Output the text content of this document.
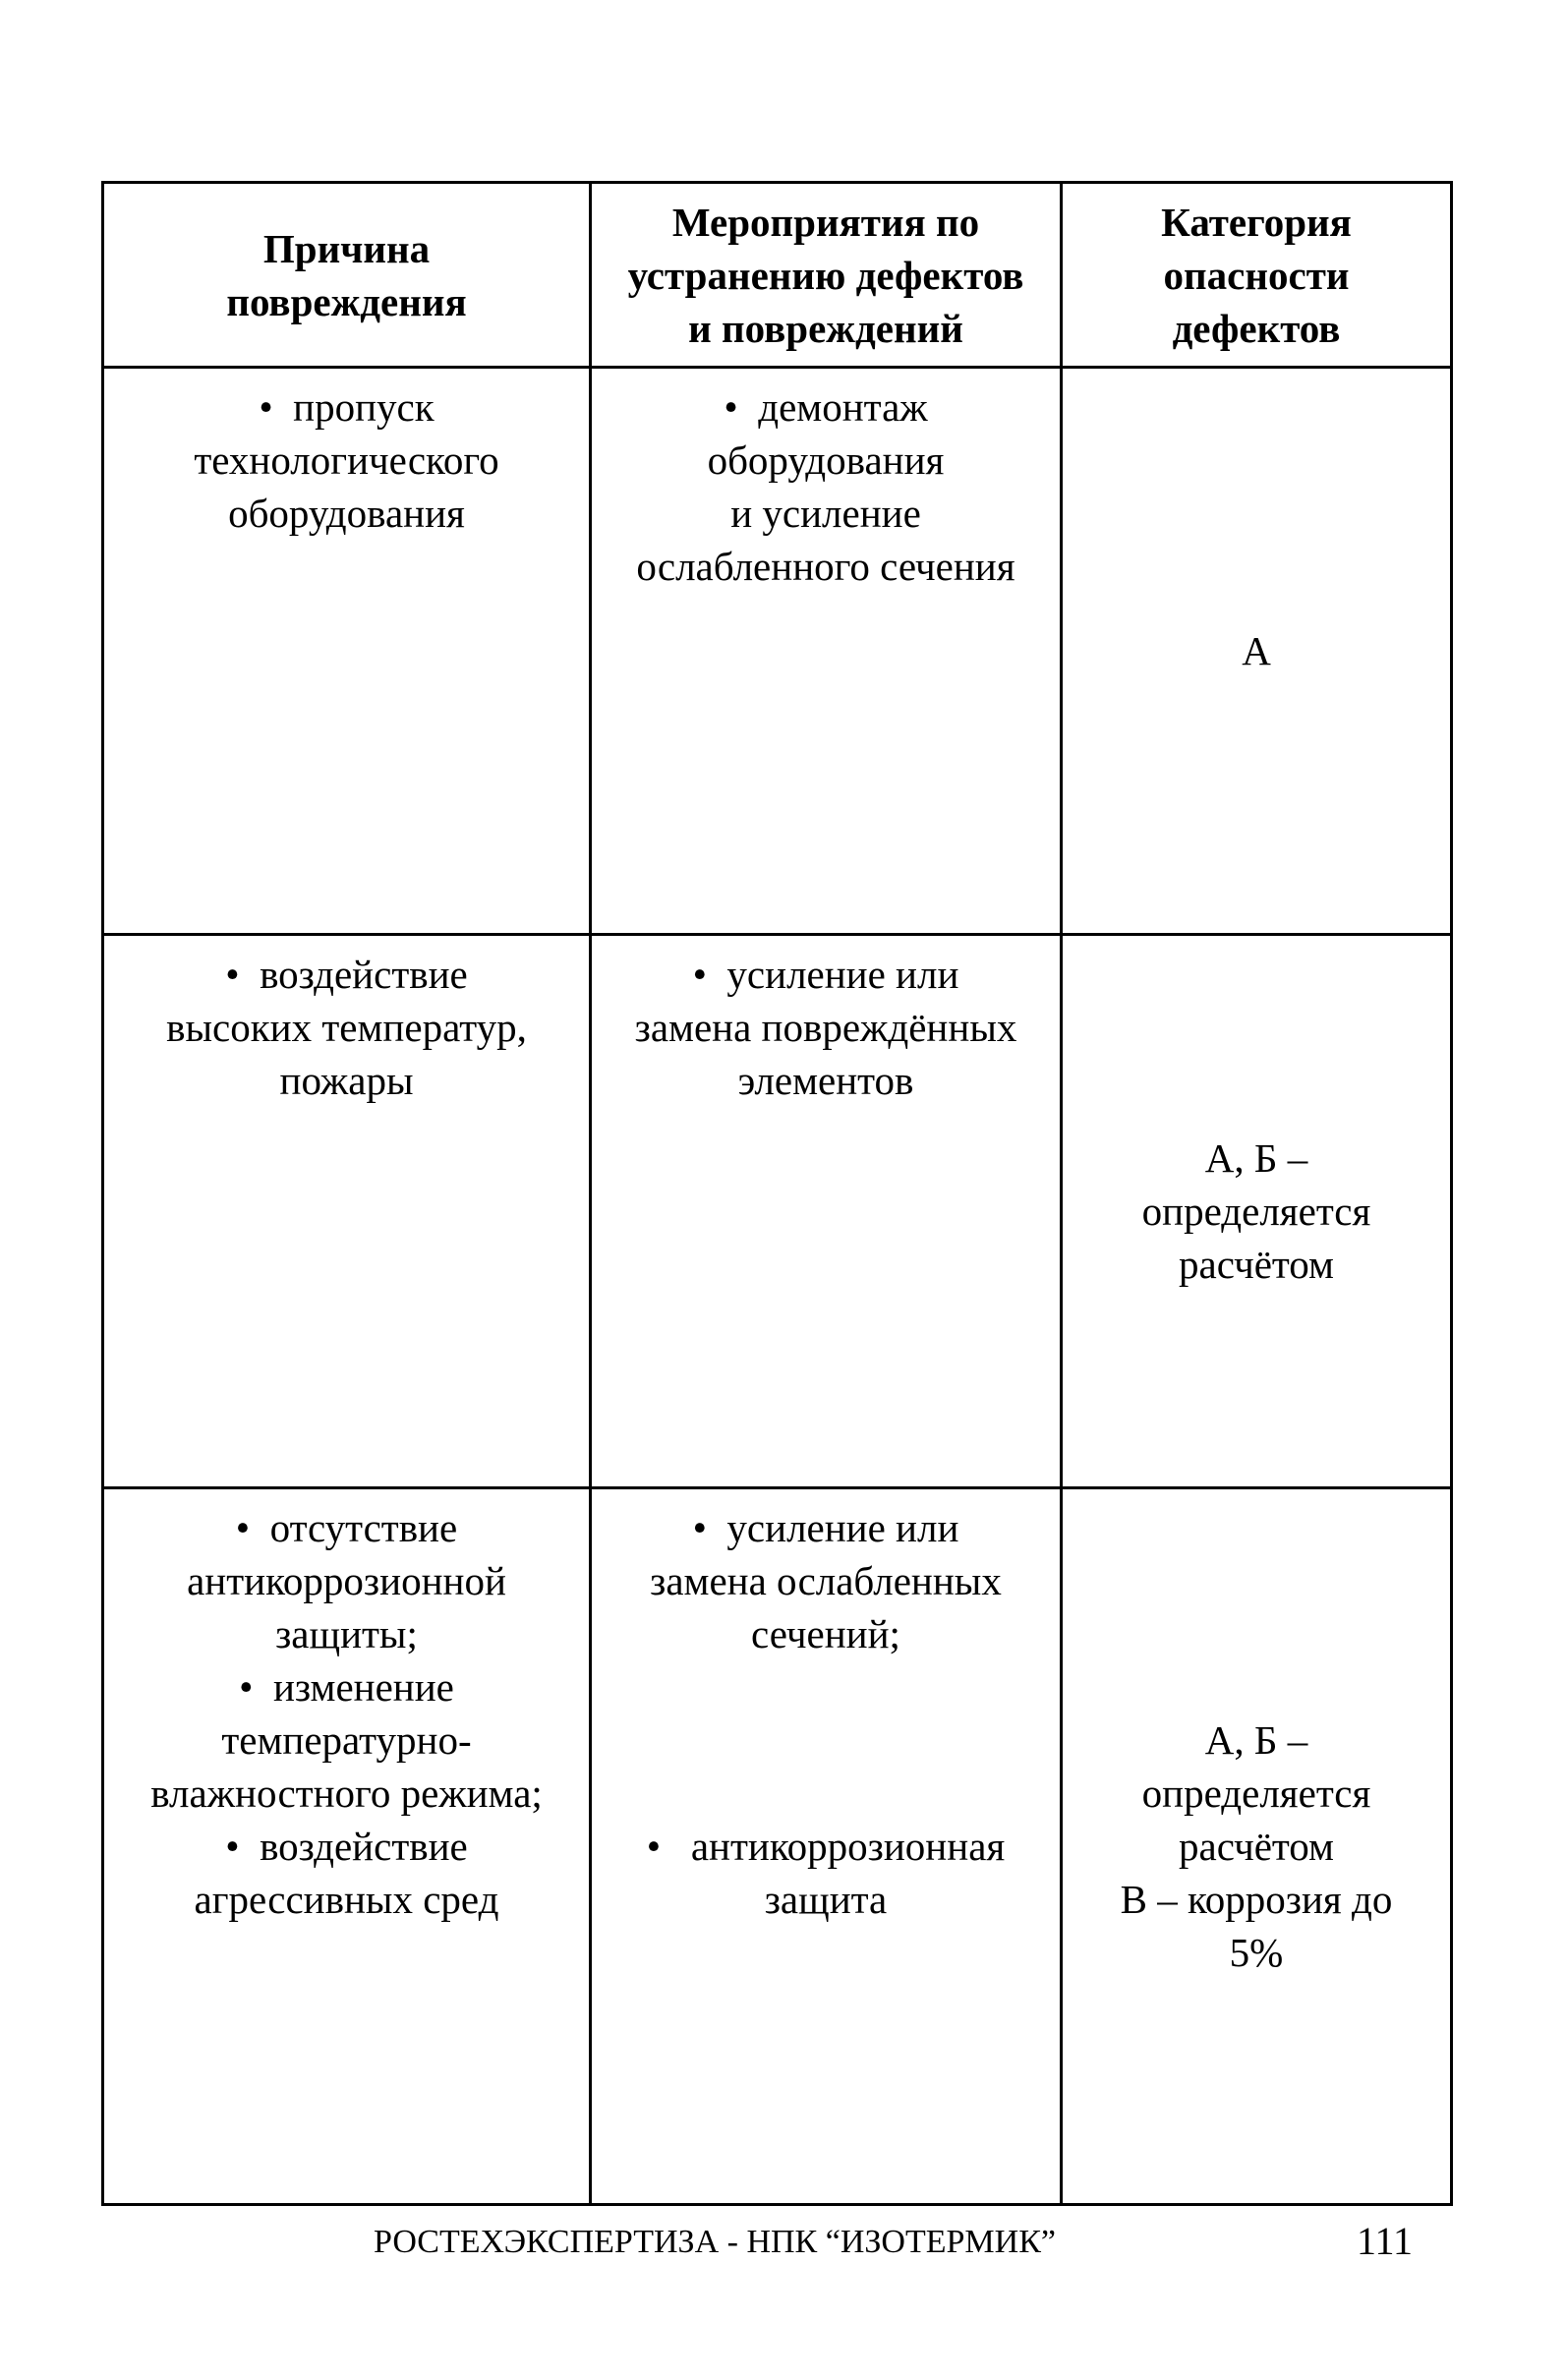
Причина
повреждения
Мероприятия по
устранению дефектов
и повреждений
Категория
опасности
дефектов
•  пропуск
технологического
оборудования
•  демонтаж
оборудования
и усиление
ослабленного сечения
А
•  воздействие
высоких температур,
пожары
•  усиление или
замена повреждённых
элементов
А, Б –
определяется
расчётом
•  отсутствие
антикоррозионной
защиты;
•  изменение
температурно-
влажностного режима;
•  воздействие
агрессивных сред
•  усиление или
замена ослабленных
сечений;
•   антикоррозионная
защита
А, Б –
определяется
расчётом
В – коррозия до
5%
РОСТЕХЭКСПЕРТИЗА - НПК “ИЗОТЕРМИК”	111
